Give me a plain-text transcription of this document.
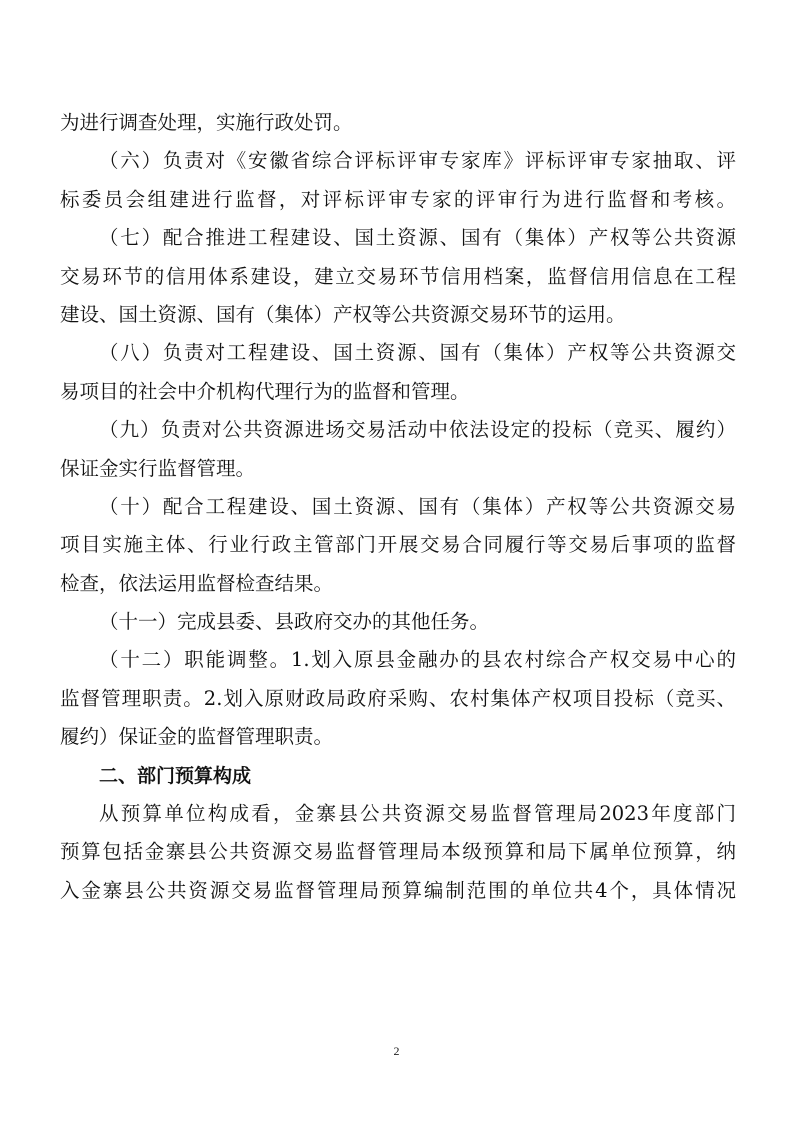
为进行调查处理，实施行政处罚。
（六）负责对《安徽省综合评标评审专家库》评标评审专家抽取、评
标委员会组建进行监督，对评标评审专家的评审行为进行监督和考核。
（七）配合推进工程建设、国土资源、国有（集体）产权等公共资源
交易环节的信用体系建设，建立交易环节信用档案，监督信用信息在工程
建设、国土资源、国有（集体）产权等公共资源交易环节的运用。
（八）负责对工程建设、国土资源、国有（集体）产权等公共资源交
易项目的社会中介机构代理行为的监督和管理。
（九）负责对公共资源进场交易活动中依法设定的投标（竞买、履约）
保证金实行监督管理。
（十）配合工程建设、国土资源、国有（集体）产权等公共资源交易
项目实施主体、行业行政主管部门开展交易合同履行等交易后事项的监督
检查，依法运用监督检查结果。
（十一）完成县委、县政府交办的其他任务。
（十二）职能调整。1.划入原县金融办的县农村综合产权交易中心的
监督管理职责。2.划入原财政局政府采购、农村集体产权项目投标（竞买、
履约）保证金的监督管理职责。
二、部门预算构成
从预算单位构成看，金寨县公共资源交易监督管理局2023年度部门
预算包括金寨县公共资源交易监督管理局本级预算和局下属单位预算，纳
入金寨县公共资源交易监督管理局预算编制范围的单位共4个，具体情况
2
